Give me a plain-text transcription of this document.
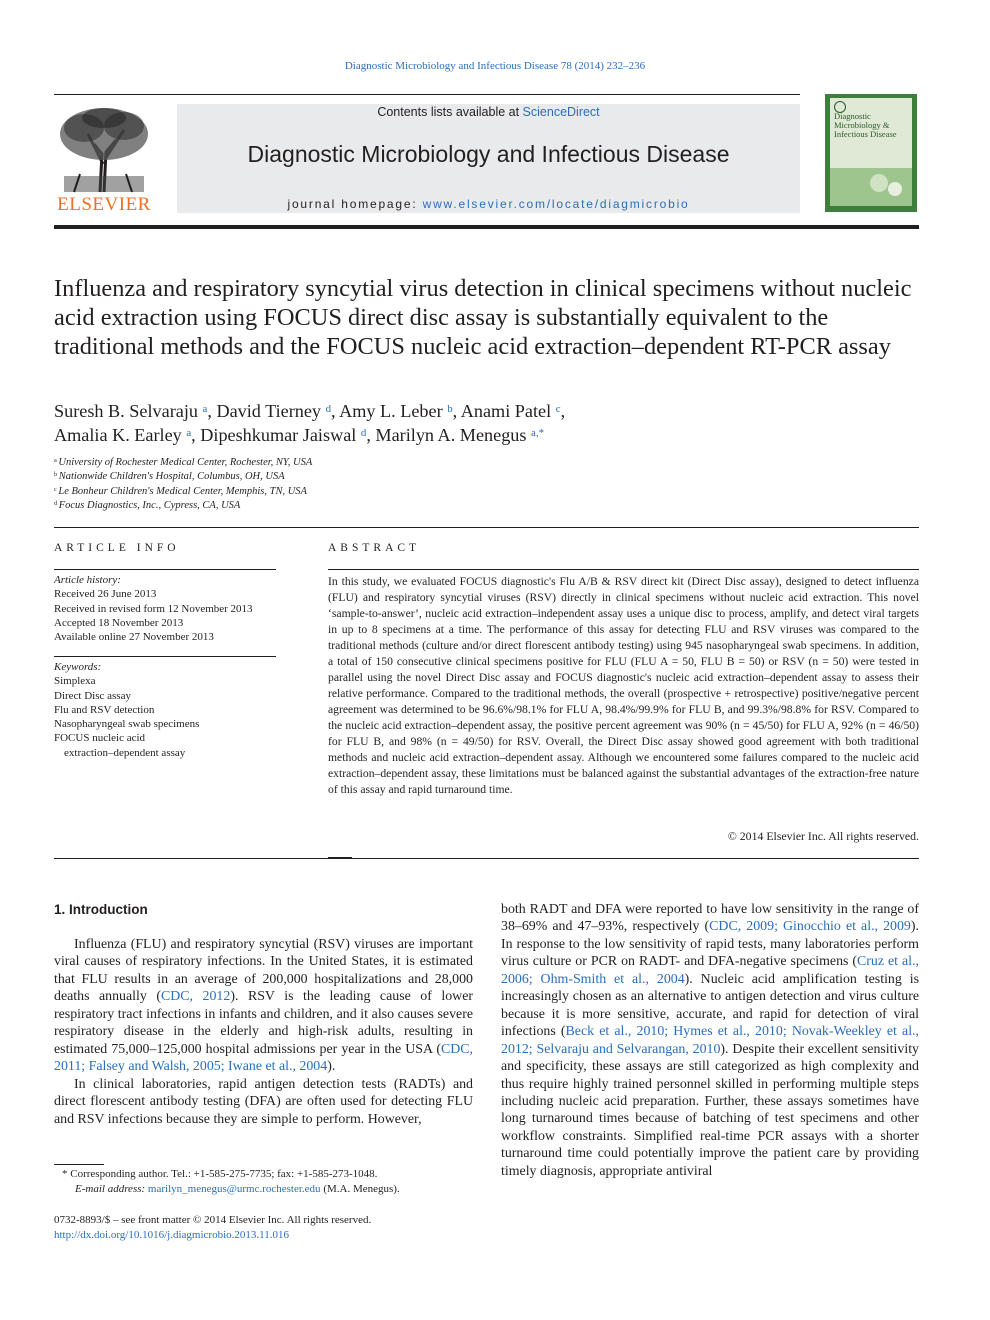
Diagnostic Microbiology and Infectious Disease 78 (2014) 232–236
ELSEVIER
Contents lists available at ScienceDirect
Diagnostic Microbiology and Infectious Disease
journal homepage: www.elsevier.com/locate/diagmicrobio
Diagnostic Microbiology & Infectious Disease
Influenza and respiratory syncytial virus detection in clinical specimens without nucleic acid extraction using FOCUS direct disc assay is substantially equivalent to the traditional methods and the FOCUS nucleic acid extraction–dependent RT-PCR assay
Suresh B. Selvaraju $^a$, David Tierney $^d$, Amy L. Leber $^b$, Anami Patel $^c$,
Amalia K. Earley $^a$, Dipeshkumar Jaiswal $^d$, Marilyn A. Menegus $^{a,*}$
$^a$ University of Rochester Medical Center, Rochester, NY, USA
$^b$ Nationwide Children's Hospital, Columbus, OH, USA
$^c$ Le Bonheur Children's Medical Center, Memphis, TN, USA
$^d$ Focus Diagnostics, Inc., Cypress, CA, USA
ARTICLE INFO
Article history:
Received 26 June 2013
Received in revised form 12 November 2013
Accepted 18 November 2013
Available online 27 November 2013
Keywords:
Simplexa
Direct Disc assay
Flu and RSV detection
Nasopharyngeal swab specimens
FOCUS nucleic acid
extraction–dependent assay
ABSTRACT
In this study, we evaluated FOCUS diagnostic's Flu A/B & RSV direct kit (Direct Disc assay), designed to detect influenza (FLU) and respiratory syncytial viruses (RSV) directly in clinical specimens without nucleic acid extraction. This novel ‘sample-to-answer’, nucleic acid extraction–independent assay uses a unique disc to process, amplify, and detect viral targets in up to 8 specimens at a time. The performance of this assay for detecting FLU and RSV viruses was compared to the traditional methods (culture and/or direct florescent antibody testing) using 945 nasopharyngeal swab specimens. In addition, a total of 150 consecutive clinical specimens positive for FLU (FLU A = 50, FLU B = 50) or RSV (n = 50) were tested in parallel using the novel Direct Disc assay and FOCUS diagnostic's nucleic acid extraction–dependent assay to assess their relative performance. Compared to the traditional methods, the overall (prospective + retrospective) positive/negative percent agreement was determined to be 96.6%/98.1% for FLU A, 98.4%/99.9% for FLU B, and 99.3%/98.8% for RSV. Compared to the nucleic acid extraction–dependent assay, the positive percent agreement was 90% (n = 45/50) for FLU A, 92% (n = 46/50) for FLU B, and 98% (n = 49/50) for RSV. Overall, the Direct Disc assay showed good agreement with both traditional methods and nucleic acid extraction–dependent assay. Although we encountered some failures compared to the nucleic acid extraction–dependent assay, these limitations must be balanced against the substantial advantages of the extraction-free nature of this assay and rapid turnaround time.
© 2014 Elsevier Inc. All rights reserved.
1. Introduction

Influenza (FLU) and respiratory syncytial (RSV) viruses are important viral causes of respiratory infections. In the United States, it is estimated that FLU results in an average of 200,000 hospitalizations and 28,000 deaths annually (CDC, 2012). RSV is the leading cause of lower respiratory tract infections in infants and children, and it also causes severe respiratory disease in the elderly and high-risk adults, resulting in estimated 75,000–125,000 hospital admissions per year in the USA (CDC, 2011; Falsey and Walsh, 2005; Iwane et al., 2004).

In clinical laboratories, rapid antigen detection tests (RADTs) and direct florescent antibody testing (DFA) are often used for detecting FLU and RSV infections because they are simple to perform. However,

both RADT and DFA were reported to have low sensitivity in the range of 38–69% and 47–93%, respectively (CDC, 2009; Ginocchio et al., 2009). In response to the low sensitivity of rapid tests, many laboratories perform virus culture or PCR on RADT- and DFA-negative specimens (Cruz et al., 2006; Ohm-Smith et al., 2004). Nucleic acid amplification testing is increasingly chosen as an alternative to antigen detection and virus culture because it is more sensitive, accurate, and rapid for detection of viral infections (Beck et al., 2010; Hymes et al., 2010; Novak-Weekley et al., 2012; Selvaraju and Selvarangan, 2010). Despite their excellent sensitivity and specificity, these assays are still categorized as high complexity and thus require highly trained personnel skilled in performing multiple steps including nucleic acid preparation. Further, these assays sometimes have long turnaround times because of batching of test specimens and other workflow constraints. Simplified real-time PCR assays with a shorter turnaround time could potentially improve the patient care by providing timely diagnosis, appropriate antiviral

* Corresponding author. Tel.: +1-585-275-7735; fax: +1-585-273-1048.
E-mail address: marilyn_menegus@urmc.rochester.edu (M.A. Menegus).
0732-8893/$ – see front matter © 2014 Elsevier Inc. All rights reserved.
http://dx.doi.org/10.1016/j.diagmicrobio.2013.11.016
